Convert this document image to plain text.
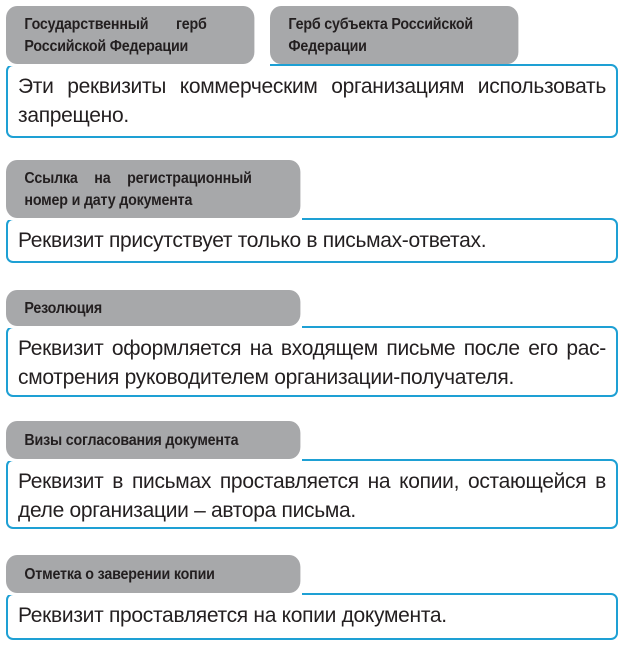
Эти реквизиты коммерческим организациям использовать запрещено.
Государственный герб
Российской Федерации
Герб субъекта Российской
Федерации
Реквизит присутствует только в письмах-ответах.
Ссылка на регистрационный
номер и дату документа
Реквизит оформляется на входящем письме после его рас-смотрения руководителем организации-получателя.
Резолюция
Реквизит в письмах проставляется на копии, остающейся в деле организации – автора письма.
Визы согласования документа
Реквизит проставляется на копии документа.
Отметка о заверении копии
